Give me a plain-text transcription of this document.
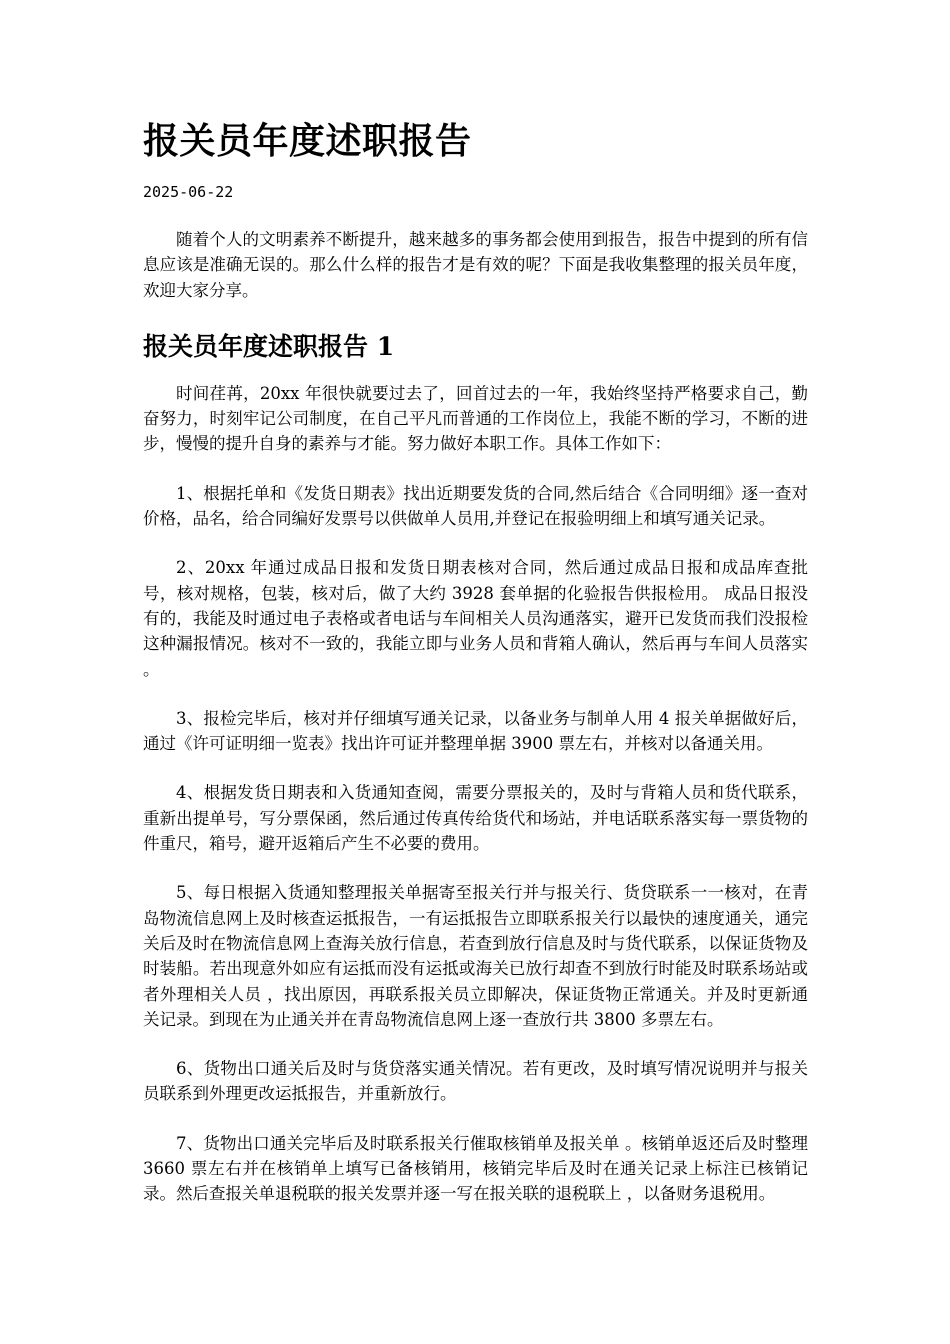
报关员年度述职报告
2025-06-22

随着个人的文明素养不断提升，越来越多的事务都会使用到报告，报告中提到的所有信息应该是准确无误的。那么什么样的报告才是有效的呢？下面是我收集整理的报关员年度，欢迎大家分享。

报关员年度述职报告 1

时间荏苒，20xx 年很快就要过去了，回首过去的一年，我始终坚持严格要求自己，勤奋努力，时刻牢记公司制度，在自己平凡而普通的工作岗位上，我能不断的学习，不断的进步，慢慢的提升自身的素养与才能。努力做好本职工作。具体工作如下：

1、根据托单和《发货日期表》找出近期要发货的合同,然后结合《合同明细》逐一查对价格，品名，给合同编好发票号以供做单人员用,并登记在报验明细上和填写通关记录。

2、20xx 年通过成品日报和发货日期表核对合同，然后通过成品日报和成品库查批号，核对规格，包装，核对后，做了大约 3928 套单据的化验报告供报检用。 成品日报没有的，我能及时通过电子表格或者电话与车间相关人员沟通落实，避开已发货而我们没报检这种漏报情况。核对不一致的，我能立即与业务人员和背箱人确认，然后再与车间人员落实 。

3、报检完毕后，核对并仔细填写通关记录，以备业务与制单人用 4 报关单据做好后，通过《许可证明细一览表》找出许可证并整理单据 3900 票左右，并核对以备通关用。

4、根据发货日期表和入货通知查阅，需要分票报关的，及时与背箱人员和货代联系，重新出提单号，写分票保函，然后通过传真传给货代和场站，并电话联系落实每一票货物的件重尺，箱号，避开返箱后产生不必要的费用。

5、每日根据入货通知整理报关单据寄至报关行并与报关行、货贷联系一一核对，在青岛物流信息网上及时核查运抵报告，一有运抵报告立即联系报关行以最快的速度通关，通完关后及时在物流信息网上查海关放行信息，若查到放行信息及时与货代联系，以保证货物及时装船。若出现意外如应有运抵而没有运抵或海关已放行却查不到放行时能及时联系场站或者外理相关人员 ，找出原因，再联系报关员立即解决，保证货物正常通关。并及时更新通关记录。到现在为止通关并在青岛物流信息网上逐一查放行共 3800 多票左右。

6、货物出口通关后及时与货贷落实通关情况。若有更改，及时填写情况说明并与报关员联系到外理更改运抵报告，并重新放行。

7、货物出口通关完毕后及时联系报关行催取核销单及报关单 。核销单返还后及时整理 3660 票左右并在核销单上填写已备核销用，核销完毕后及时在通关记录上标注已核销记录。然后查报关单退税联的报关发票并逐一写在报关联的退税联上 ，以备财务退税用。
